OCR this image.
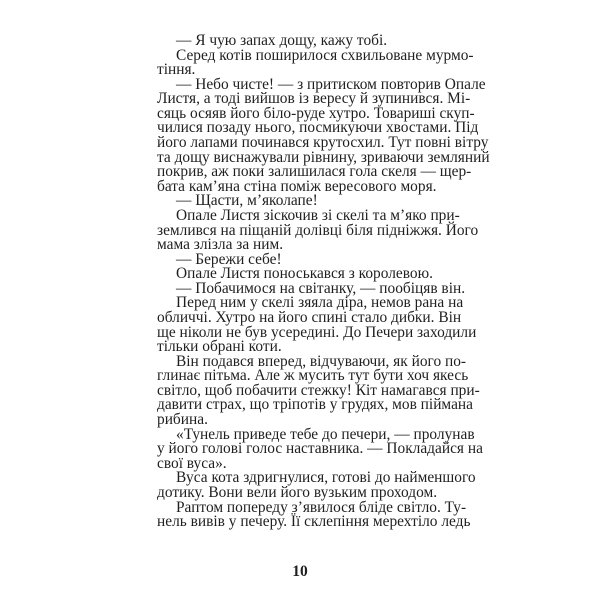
— Я чую запах дощу, кажу тобі.
Серед котів поширилося схвильоване мурмо-
тіння.
— Небо чисте! — з притиском повторив Опале
Листя, а тоді вийшов із вересу й зупинився. Мі-
сяць осяяв його біло-руде хутро. Товариші скуп-
чилися позаду нього, посмикуючи хвостами. Під
його лапами починався крутосхил. Тут повні вітру
та дощу виснажували рівнину, зриваючи земляний
покрив, аж поки залишилася гола скеля — щер-
бата кам’яна стіна поміж вересового моря.
— Щасти, м’яколапе!
Опале Листя зіскочив зі скелі та м’яко при-
землився на піщаній долівці біля підніжжя. Його
мама злізла за ним.
— Бережи себе!
Опале Листя поноськався з королевою.
— Побачимося на світанку, — пообіцяв він.
Перед ним у скелі зяяла діра, немов рана на
обличчі. Хутро на його спині стало дибки. Він
ще ніколи не був усередині. До Печери заходили
тільки обрані коти.
Він подався вперед, відчуваючи, як його по-
глинає пітьма. Але ж мусить тут бути хоч якесь
світло, щоб побачити стежку! Кіт намагався при-
давити страх, що тріпотів у грудях, мов піймана
рибина.
«Тунель приведе тебе до печери, — пролунав
у його голові голос наставника. — Покладайся на
свої вуса».
Вуса кота здригнулися, готові до найменшого
дотику. Вони вели його вузьким проходом.
Раптом попереду з’явилося бліде світло. Ту-
нель вивів у печеру. Її склепіння мерехтіло ледь
10
